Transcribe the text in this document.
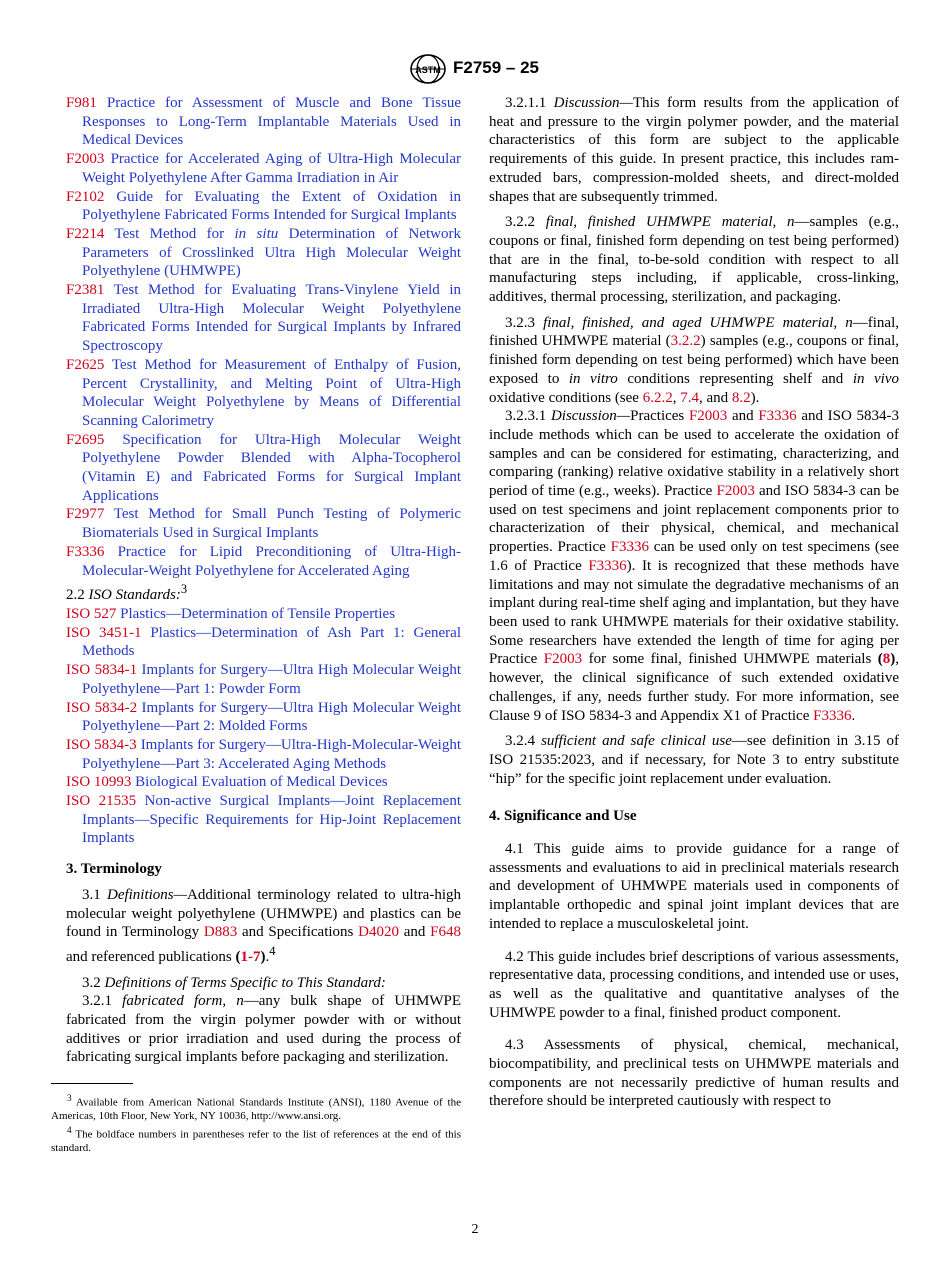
ASTM F2759 – 25

F981 Practice for Assessment of Muscle and Bone Tissue Responses to Long-Term Implantable Materials Used in Medical Devices

F2003 Practice for Accelerated Aging of Ultra-High Molecular Weight Polyethylene After Gamma Irradiation in Air

F2102 Guide for Evaluating the Extent of Oxidation in Polyethylene Fabricated Forms Intended for Surgical Implants

F2214 Test Method for in situ Determination of Network Parameters of Crosslinked Ultra High Molecular Weight Polyethylene (UHMWPE)

F2381 Test Method for Evaluating Trans-Vinylene Yield in Irradiated Ultra-High Molecular Weight Polyethylene Fabricated Forms Intended for Surgical Implants by Infrared Spectroscopy

F2625 Test Method for Measurement of Enthalpy of Fusion, Percent Crystallinity, and Melting Point of Ultra-High Molecular Weight Polyethylene by Means of Differential Scanning Calorimetry

F2695 Specification for Ultra-High Molecular Weight Polyethylene Powder Blended with Alpha-Tocopherol (Vitamin E) and Fabricated Forms for Surgical Implant Applications

F2977 Test Method for Small Punch Testing of Polymeric Biomaterials Used in Surgical Implants

F3336 Practice for Lipid Preconditioning of Ultra-High-Molecular-Weight Polyethylene for Accelerated Aging

2.2 ISO Standards:$^3$

ISO 527 Plastics—Determination of Tensile Properties

ISO 3451-1 Plastics—Determination of Ash Part 1: General Methods

ISO 5834-1 Implants for Surgery—Ultra High Molecular Weight Polyethylene—Part 1: Powder Form

ISO 5834-2 Implants for Surgery—Ultra High Molecular Weight Polyethylene—Part 2: Molded Forms

ISO 5834-3 Implants for Surgery—Ultra-High-Molecular-Weight Polyethylene—Part 3: Accelerated Aging Methods

ISO 10993 Biological Evaluation of Medical Devices

ISO 21535 Non-active Surgical Implants—Joint Replacement Implants—Specific Requirements for Hip-Joint Replacement Implants

3. Terminology

3.1 Definitions—Additional terminology related to ultra-high molecular weight polyethylene (UHMWPE) and plastics can be found in Terminology D883 and Specifications D4020 and F648 and referenced publications (1-7).$^4$

3.2 Definitions of Terms Specific to This Standard:

3.2.1 fabricated form, n—any bulk shape of UHMWPE fabricated from the virgin polymer powder with or without additives or prior irradiation and used during the process of fabricating surgical implants before packaging and sterilization.

$^3$ Available from American National Standards Institute (ANSI), 1180 Avenue of the Americas, 10th Floor, New York, NY 10036, http://www.ansi.org.

$^4$ The boldface numbers in parentheses refer to the list of references at the end of this standard.

3.2.1.1 Discussion—This form results from the application of heat and pressure to the virgin polymer powder, and the material characteristics of this form are subject to the applicable requirements of this guide. In present practice, this includes ram-extruded bars, compression-molded sheets, and direct-molded shapes that are subsequently trimmed.

3.2.2 final, finished UHMWPE material, n—samples (e.g., coupons or final, finished form depending on test being performed) that are in the final, to-be-sold condition with respect to all manufacturing steps including, if applicable, cross-linking, additives, thermal processing, sterilization, and packaging.

3.2.3 final, finished, and aged UHMWPE material, n—final, finished UHMWPE material (3.2.2) samples (e.g., coupons or final, finished form depending on test being performed) which have been exposed to in vitro conditions representing shelf and in vivo oxidative conditions (see 6.2.2, 7.4, and 8.2).

3.2.3.1 Discussion—Practices F2003 and F3336 and ISO 5834-3 include methods which can be used to accelerate the oxidation of samples and can be considered for estimating, characterizing, and comparing (ranking) relative oxidative stability in a relatively short period of time (e.g., weeks). Practice F2003 and ISO 5834-3 can be used on test specimens and joint replacement components prior to characterization of their physical, chemical, and mechanical properties. Practice F3336 can be used only on test specimens (see 1.6 of Practice F3336). It is recognized that these methods have limitations and may not simulate the degradative mechanisms of an implant during real-time shelf aging and implantation, but they have been used to rank UHMWPE materials for their oxidative stability. Some researchers have extended the length of time for aging per Practice F2003 for some final, finished UHMWPE materials (8), however, the clinical significance of such extended oxidative challenges, if any, needs further study. For more information, see Clause 9 of ISO 5834-3 and Appendix X1 of Practice F3336.

3.2.4 sufficient and safe clinical use—see definition in 3.15 of ISO 21535:2023, and if necessary, for Note 3 to entry substitute “hip” for the specific joint replacement under evaluation.

4. Significance and Use

4.1 This guide aims to provide guidance for a range of assessments and evaluations to aid in preclinical materials research and development of UHMWPE materials used in components of implantable orthopedic and spinal joint implant devices that are intended to replace a musculoskeletal joint.

4.2 This guide includes brief descriptions of various assessments, representative data, processing conditions, and intended use or uses, as well as the qualitative and quantitative analyses of the UHMWPE powder to a final, finished product component.

4.3 Assessments of physical, chemical, mechanical, biocompatibility, and preclinical tests on UHMWPE materials and components are not necessarily predictive of human results and therefore should be interpreted cautiously with respect to

2
